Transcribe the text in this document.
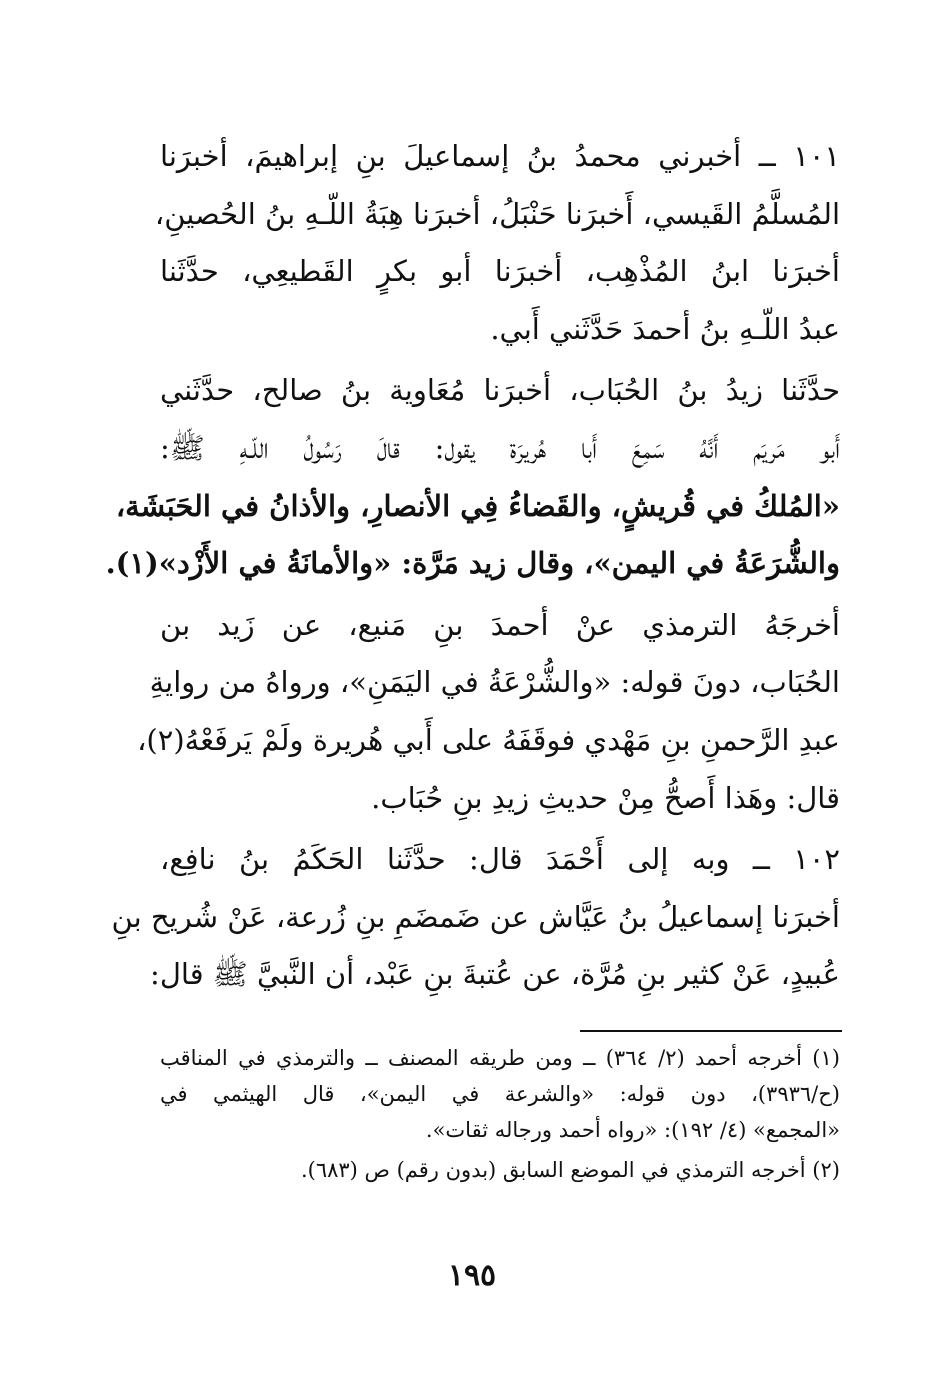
١٠١ ــ أخبرني محمدُ بنُ إسماعيلَ بنِ إبراهيمَ، أخبرَنا
المُسلَّمُ القَيسي، أَخبرَنا حَنْبَلُ، أخبرَنا هِبَةُ اللّـهِ بنُ الحُصينِ،
أخبرَنا ابنُ المُذْهِب، أخبرَنا أبو بكرٍ القَطيعِي، حدَّثَنا
عبدُ اللّـهِ بنُ أحمدَ حَدَّثَني أَبي.
حدَّثَنا زيدُ بنُ الحُبَاب، أخبرَنا مُعَاوية بنُ صالح، حدَّثَني
أَبو مَريَم أَنَّهُ سَمِعَ أَبا هُريرَة يقول: قالَ رَسُولُ اللّـهِ ﷺ:
«المُلكُ في قُريشٍ، والقَضاءُ فِي الأنصارِ، والأذانُ في الحَبَشَة،
والشُّرَعَةُ في اليمن»، وقال زيد مَرَّة: «والأمانَةُ في الأَزْد»(١).
أخرجَهُ الترمذي عنْ أحمدَ بنِ مَنيع، عن زَيد بن
الحُبَاب، دونَ قوله: «والشُّرْعَةُ في اليَمَنِ»، ورواهُ من روايةِ
عبدِ الرَّحمنِ بنِ مَهْدي فوقَفَهُ على أَبي هُريرة ولَمْ يَرفَعْهُ(٢)،
قال: وهَذا أَصحُّ مِنْ حديثِ زيدِ بنِ حُبَاب.
١٠٢ ــ وبه إلى أَحْمَدَ قال: حدَّثَنا الحَكَمُ بنُ نافِع،
أخبرَنا إسماعيلُ بنُ عَيَّاش عن ضَمضَمِ بنِ زُرعة، عَنْ شُريح بنِ
عُبيدٍ، عَنْ كثير بنِ مُرَّة، عن عُتبةَ بنِ عَبْد، أن النَّبيَّ ﷺ قال:
(١) أخرجه أحمد (٢/ ٣٦٤) ــ ومن طريقه المصنف ــ والترمذي في المناقب
(ح/٣٩٣٦)، دون قوله: «والشرعة في اليمن»، قال الهيثمي في
«المجمع» (٤/ ١٩٢): «رواه أحمد ورجاله ثقات».
(٢) أخرجه الترمذي في الموضع السابق (بدون رقم) ص (٦٨٣).
١٩٥
